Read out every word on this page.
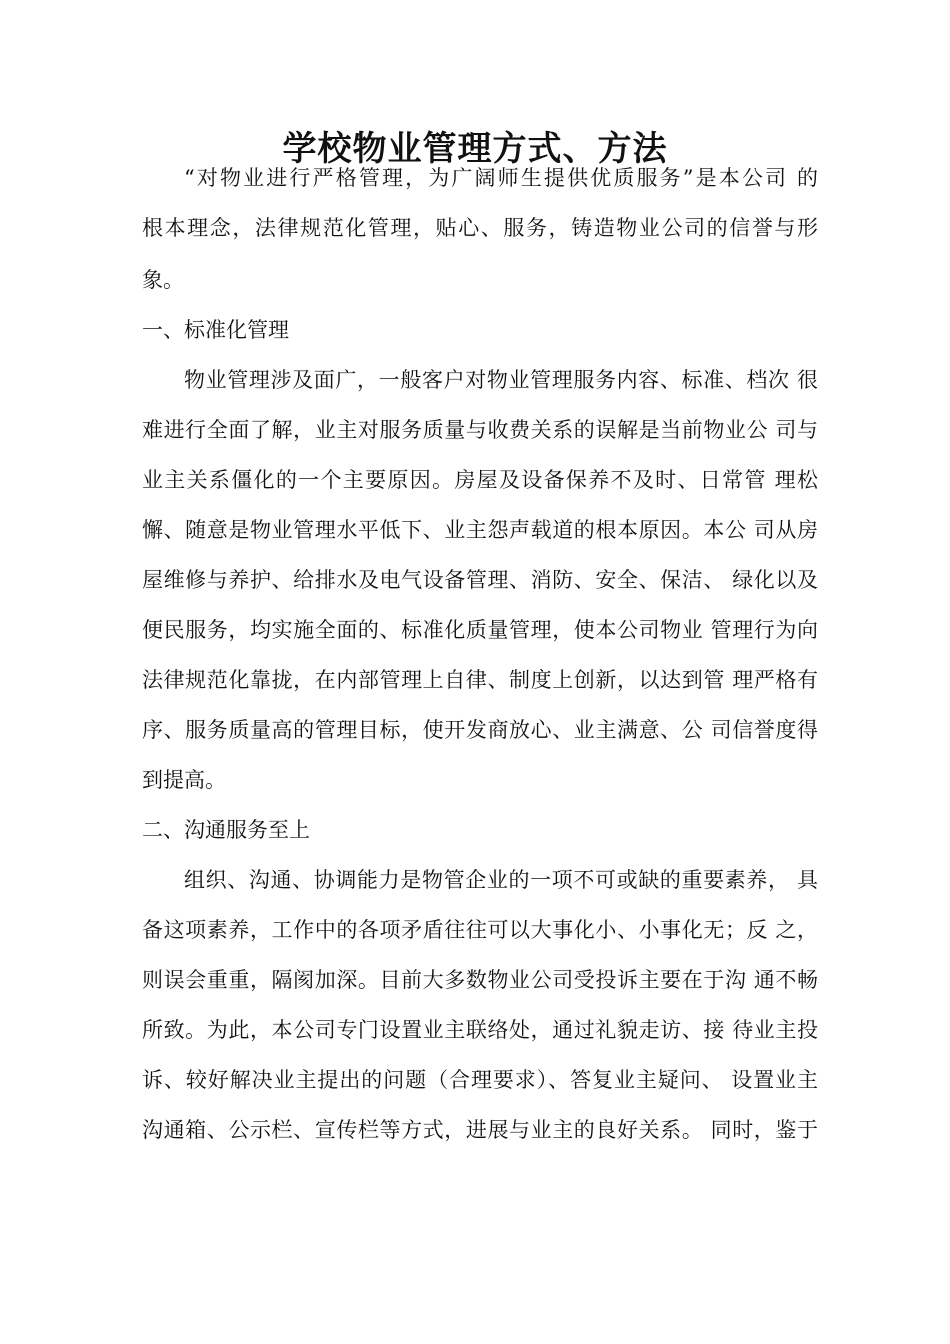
学校物业管理方式、方法

“对物业进行严格管理，为广阔师生提供优质服务”是本公司 的

根本理念，法律规范化管理，贴心、服务，铸造物业公司的信誉与形

象。

一、标准化管理

物业管理涉及面广，一般客户对物业管理服务内容、标准、档次 很

难进行全面了解，业主对服务质量与收费关系的误解是当前物业公 司与

业主关系僵化的一个主要原因。房屋及设备保养不及时、日常管 理松

懈、随意是物业管理水平低下、业主怨声载道的根本原因。本公 司从房

屋维修与养护、给排水及电气设备管理、消防、安全、保洁、 绿化以及

便民服务，均实施全面的、标准化质量管理，使本公司物业 管理行为向

法律规范化靠拢，在内部管理上自律、制度上创新，以达到管 理严格有

序、服务质量高的管理目标，使开发商放心、业主满意、公 司信誉度得

到提高。

二、沟通服务至上

组织、沟通、协调能力是物管企业的一项不可或缺的重要素养， 具

备这项素养，工作中的各项矛盾往往可以大事化小、小事化无；反 之，

则误会重重，隔阂加深。目前大多数物业公司受投诉主要在于沟 通不畅

所致。为此，本公司专门设置业主联络处，通过礼貌走访、接 待业主投

诉、较好解决业主提出的问题（合理要求）、答复业主疑问、 设置业主

沟通箱、公示栏、宣传栏等方式，进展与业主的良好关系。 同时，鉴于
